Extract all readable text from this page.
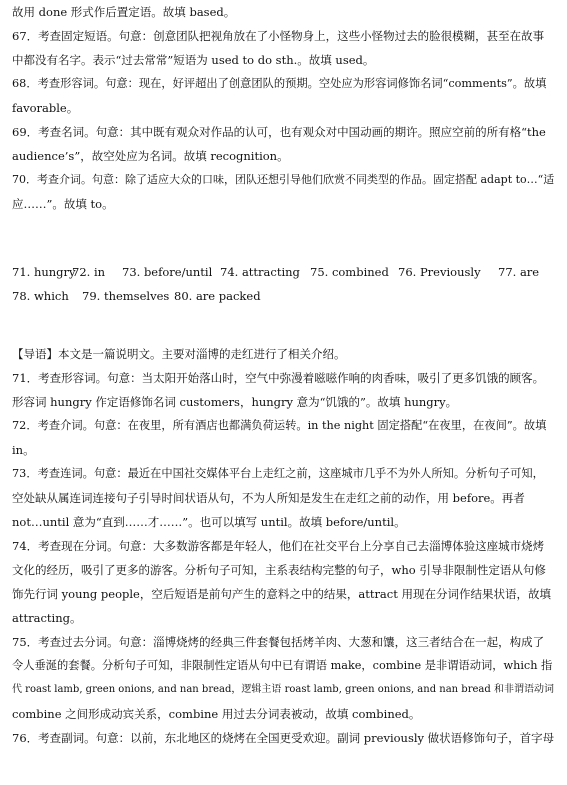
故用 done 形式作后置定语。故填 based。
67．考查固定短语。句意：创意团队把视角放在了小怪物身上，这些小怪物过去的脸很模糊，甚至在故事
中都没有名字。表示“过去常常”短语为 used to do sth.。故填 used。
68．考查形容词。句意：现在，好评超出了创意团队的预期。空处应为形容词修饰名词“comments”。故填
favorable。
69．考查名词。句意：其中既有观众对作品的认可，也有观众对中国动画的期许。照应空前的所有格“the
audience’s”，故空处应为名词。故填 recognition。
70．考查介词。句意：除了适应大众的口味，团队还想引导他们欣赏不同类型的作品。固定搭配 adapt to…“适
应……”。故填 to。
71. hungry
72. in	73. before/until 74. attracting 75. combined 76. Previously	77. are
78. which	79. themselves 80. are packed
【导语】本文是一篇说明文。主要对淄博的走红进行了相关介绍。
71．考查形容词。句意：当太阳开始落山时，空气中弥漫着嗞嗞作响的肉香味，吸引了更多饥饿的顾客。
形容词 hungry 作定语修饰名词 customers，hungry 意为“饥饿的”。故填 hungry。
72．考查介词。句意：在夜里，所有酒店也都满负荷运转。in the night 固定搭配“在夜里，在夜间”。故填
in。
73．考查连词。句意：最近在中国社交媒体平台上走红之前，这座城市几乎不为外人所知。分析句子可知，
空处缺从属连词连接句子引导时间状语从句，不为人所知是发生在走红之前的动作，用 before。再者
not…until 意为“直到……才……”。也可以填写 until。故填 before/until。
74．考查现在分词。句意：大多数游客都是年轻人，他们在社交平台上分享自己去淄博体验这座城市烧烤
文化的经历，吸引了更多的游客。分析句子可知，主系表结构完整的句子，who 引导非限制性定语从句修
饰先行词 young people，空后短语是前句产生的意料之中的结果，attract 用现在分词作结果状语，故填
attracting。
75．考查过去分词。句意：淄博烧烤的经典三件套餐包括烤羊肉、大葱和馕，这三者结合在一起，构成了
令人垂涎的套餐。分析句子可知，非限制性定语从句中已有谓语 make，combine 是非谓语动词，which 指
代 roast lamb, green onions, and nan bread，逻辑主语 roast lamb, green onions, and nan bread 和非谓语动词
combine 之间形成动宾关系，combine 用过去分词表被动，故填 combined。
76．考查副词。句意：以前，东北地区的烧烤在全国更受欢迎。副词 previously 做状语修饰句子，首字母
